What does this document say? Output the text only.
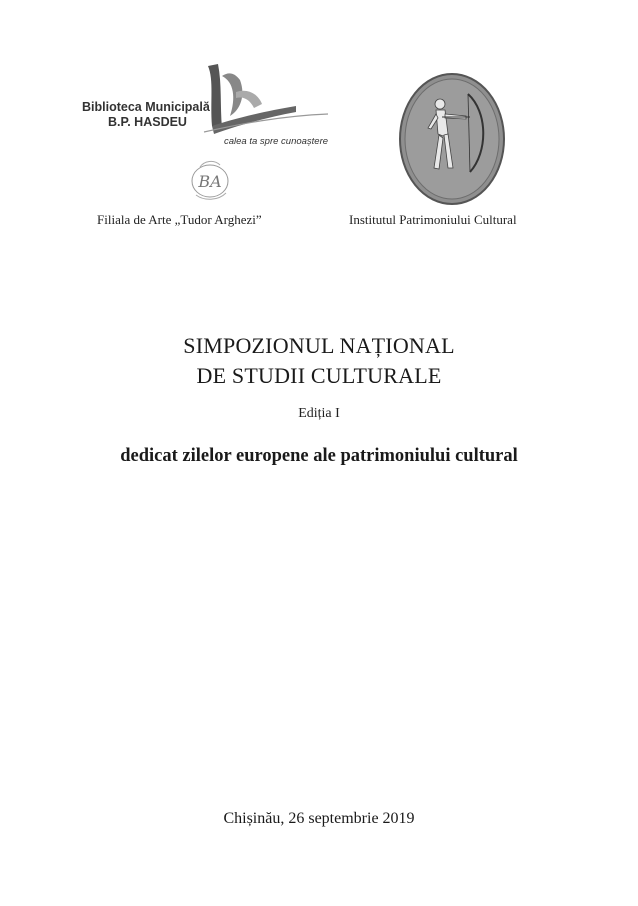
Biblioteca Municipală
B.P. HASDEU
calea ta spre cunoaștere
BA
Filiala de Arte „Tudor Arghezi”	Institutul Patrimoniului Cultural
SIMPOZIONUL NAȚIONAL
DE STUDII CULTURALE
Ediția I
dedicat zilelor europene ale patrimoniului cultural
Chișinău, 26 septembrie 2019
